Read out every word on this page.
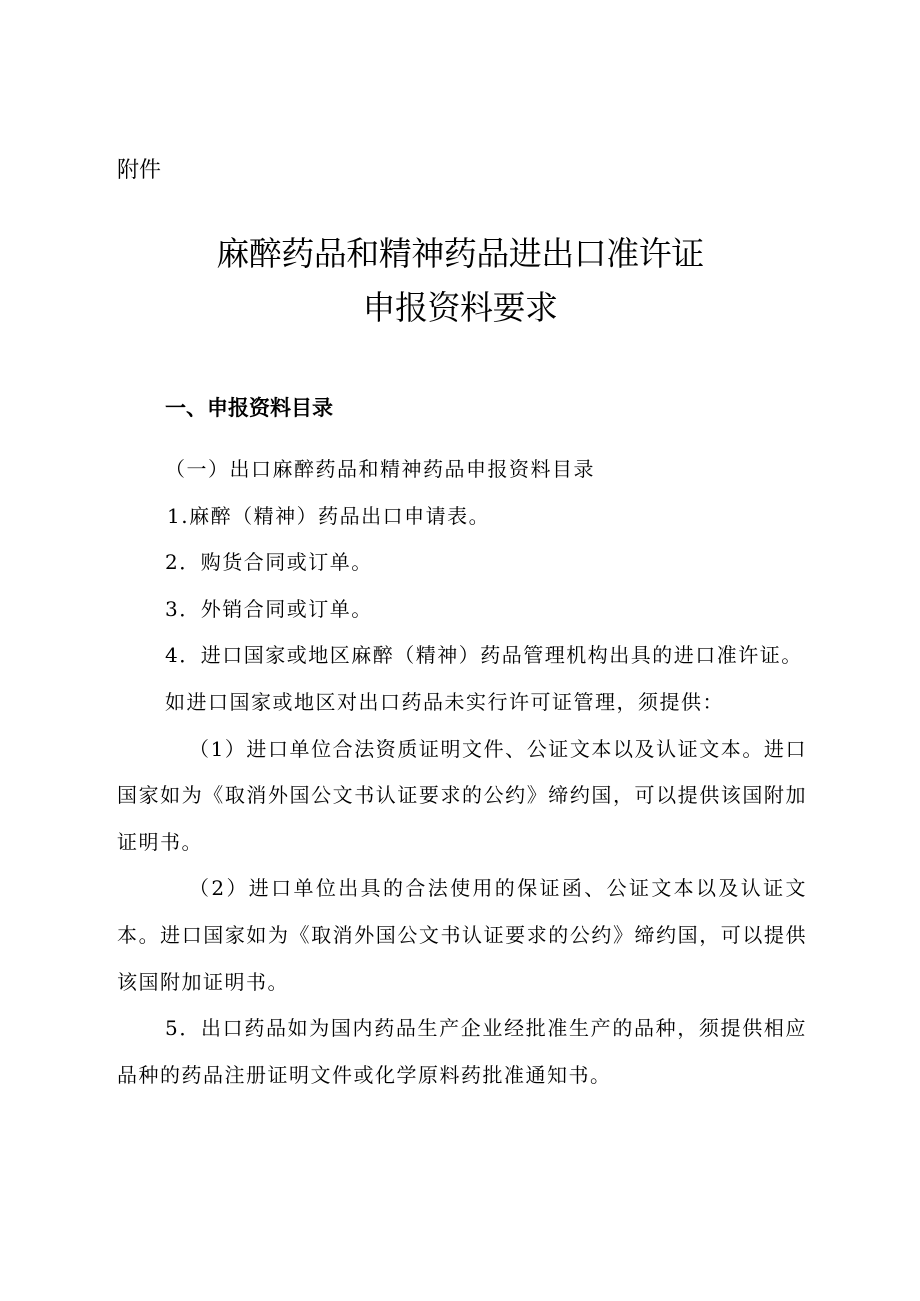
附件
麻醉药品和精神药品进出口准许证
申报资料要求
一、申报资料目录

（一）出口麻醉药品和精神药品申报资料目录

1.麻醉（精神）药品出口申请表。

2．购货合同或订单。

3．外销合同或订单。

4．进口国家或地区麻醉（精神）药品管理机构出具的进口准许证。

如进口国家或地区对出口药品未实行许可证管理，须提供：

（1）进口单位合法资质证明文件、公证文本以及认证文本。进口国家如为《取消外国公文书认证要求的公约》缔约国，可以提供该国附加证明书。

（2）进口单位出具的合法使用的保证函、公证文本以及认证文本。进口国家如为《取消外国公文书认证要求的公约》缔约国，可以提供该国附加证明书。

5．出口药品如为国内药品生产企业经批准生产的品种，须提供相应品种的药品注册证明文件或化学原料药批准通知书。
